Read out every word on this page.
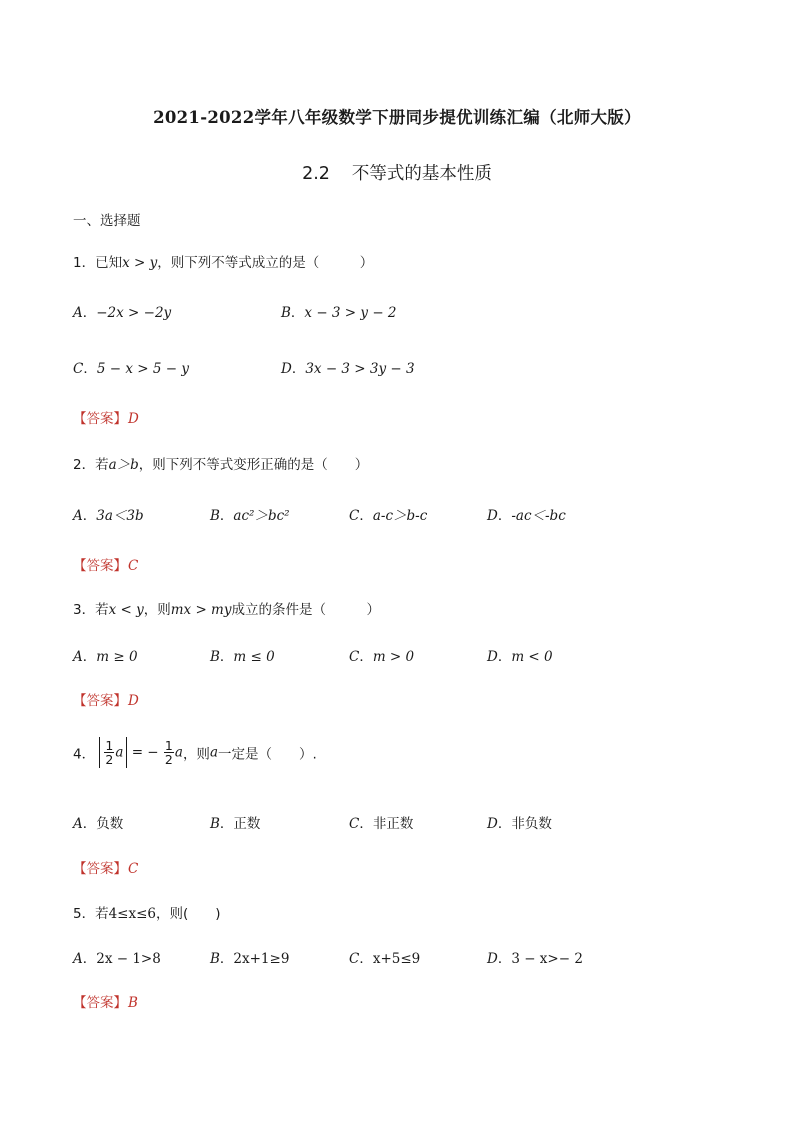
2021-2022学年八年级数学下册同步提优训练汇编（北师大版）
2.2 不等式的基本性质
一、选择题
1．已知x > y，则下列不等式成立的是（　　　）
A．−2x > −2y	B．x − 3 > y − 2
C．5 − x > 5 − y	D．3x − 3 > 3y − 3
【答案】D
2．若a＞b，则下列不等式变形正确的是（　　）
A．3a＜3b	B．ac²＞bc²	C．a-c＞b-c	D．-ac＜-bc
【答案】C
3．若x < y，则mx > my成立的条件是（　　　）
A．m ≥ 0	B．m ≤ 0	C．m > 0	D．m < 0
【答案】D
4． $\frac{1}{2}$ a = − $\frac{1}{2}$ a，则a一定是（　　）.
A．负数	B．正数	C．非正数	D．非负数
【答案】C
5．若4≤x≤6，则(　　)
A．2x − 1>8	B．2x+1≥9	C．x+5≤9	D．3 − x>− 2
【答案】B
